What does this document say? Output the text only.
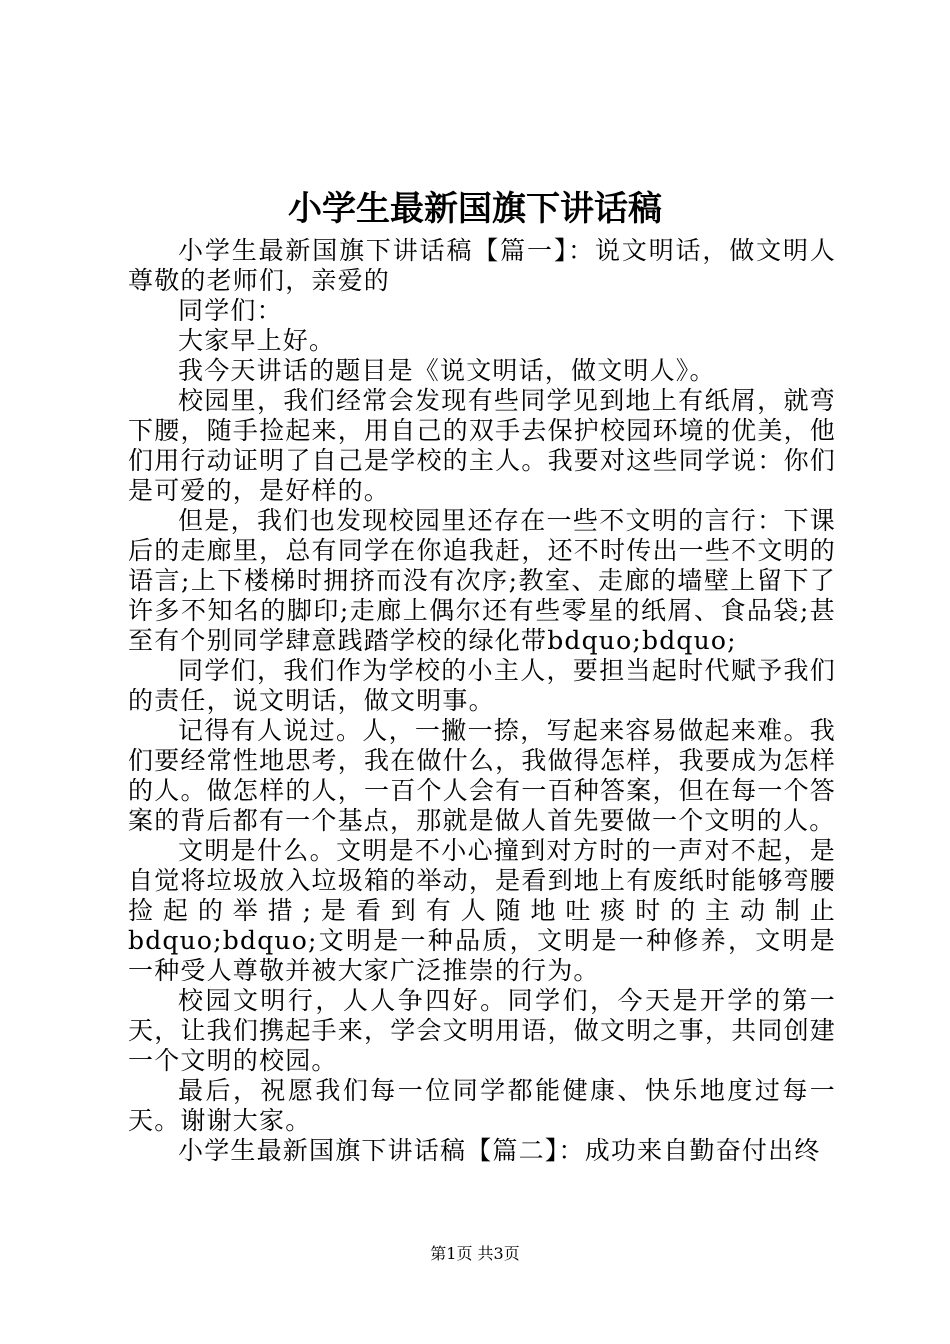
小学生最新国旗下讲话稿

小学生最新国旗下讲话稿【篇一】：说文明话，做文明人尊敬的老师们，亲爱的

同学们：

大家早上好。

我今天讲话的题目是《说文明话，做文明人》。

校园里，我们经常会发现有些同学见到地上有纸屑，就弯下腰，随手捡起来，用自己的双手去保护校园环境的优美，他们用行动证明了自己是学校的主人。我要对这些同学说：你们是可爱的，是好样的。

但是，我们也发现校园里还存在一些不文明的言行：下课后的走廊里，总有同学在你追我赶，还不时传出一些不文明的语言;上下楼梯时拥挤而没有次序;教室、走廊的墙壁上留下了许多不知名的脚印;走廊上偶尔还有些零星的纸屑、食品袋;甚至有个别同学肆意践踏学校的绿化带bdquo;bdquo;

同学们，我们作为学校的小主人，要担当起时代赋予我们的责任，说文明话，做文明事。

记得有人说过。人，一撇一捺，写起来容易做起来难。我们要经常性地思考，我在做什么，我做得怎样，我要成为怎样的人。做怎样的人，一百个人会有一百种答案，但在每一个答案的背后都有一个基点，那就是做人首先要做一个文明的人。

文明是什么。文明是不小心撞到对方时的一声对不起，是自觉将垃圾放入垃圾箱的举动，是看到地上有废纸时能够弯腰捡起的举措;是看到有人随地吐痰时的主动制止bdquo;bdquo;文明是一种品质，文明是一种修养，文明是一种受人尊敬并被大家广泛推崇的行为。

校园文明行，人人争四好。同学们，今天是开学的第一天，让我们携起手来，学会文明用语，做文明之事，共同创建一个文明的校园。

最后，祝愿我们每一位同学都能健康、快乐地度过每一天。谢谢大家。

小学生最新国旗下讲话稿【篇二】：成功来自勤奋付出终

第1页 共3页
